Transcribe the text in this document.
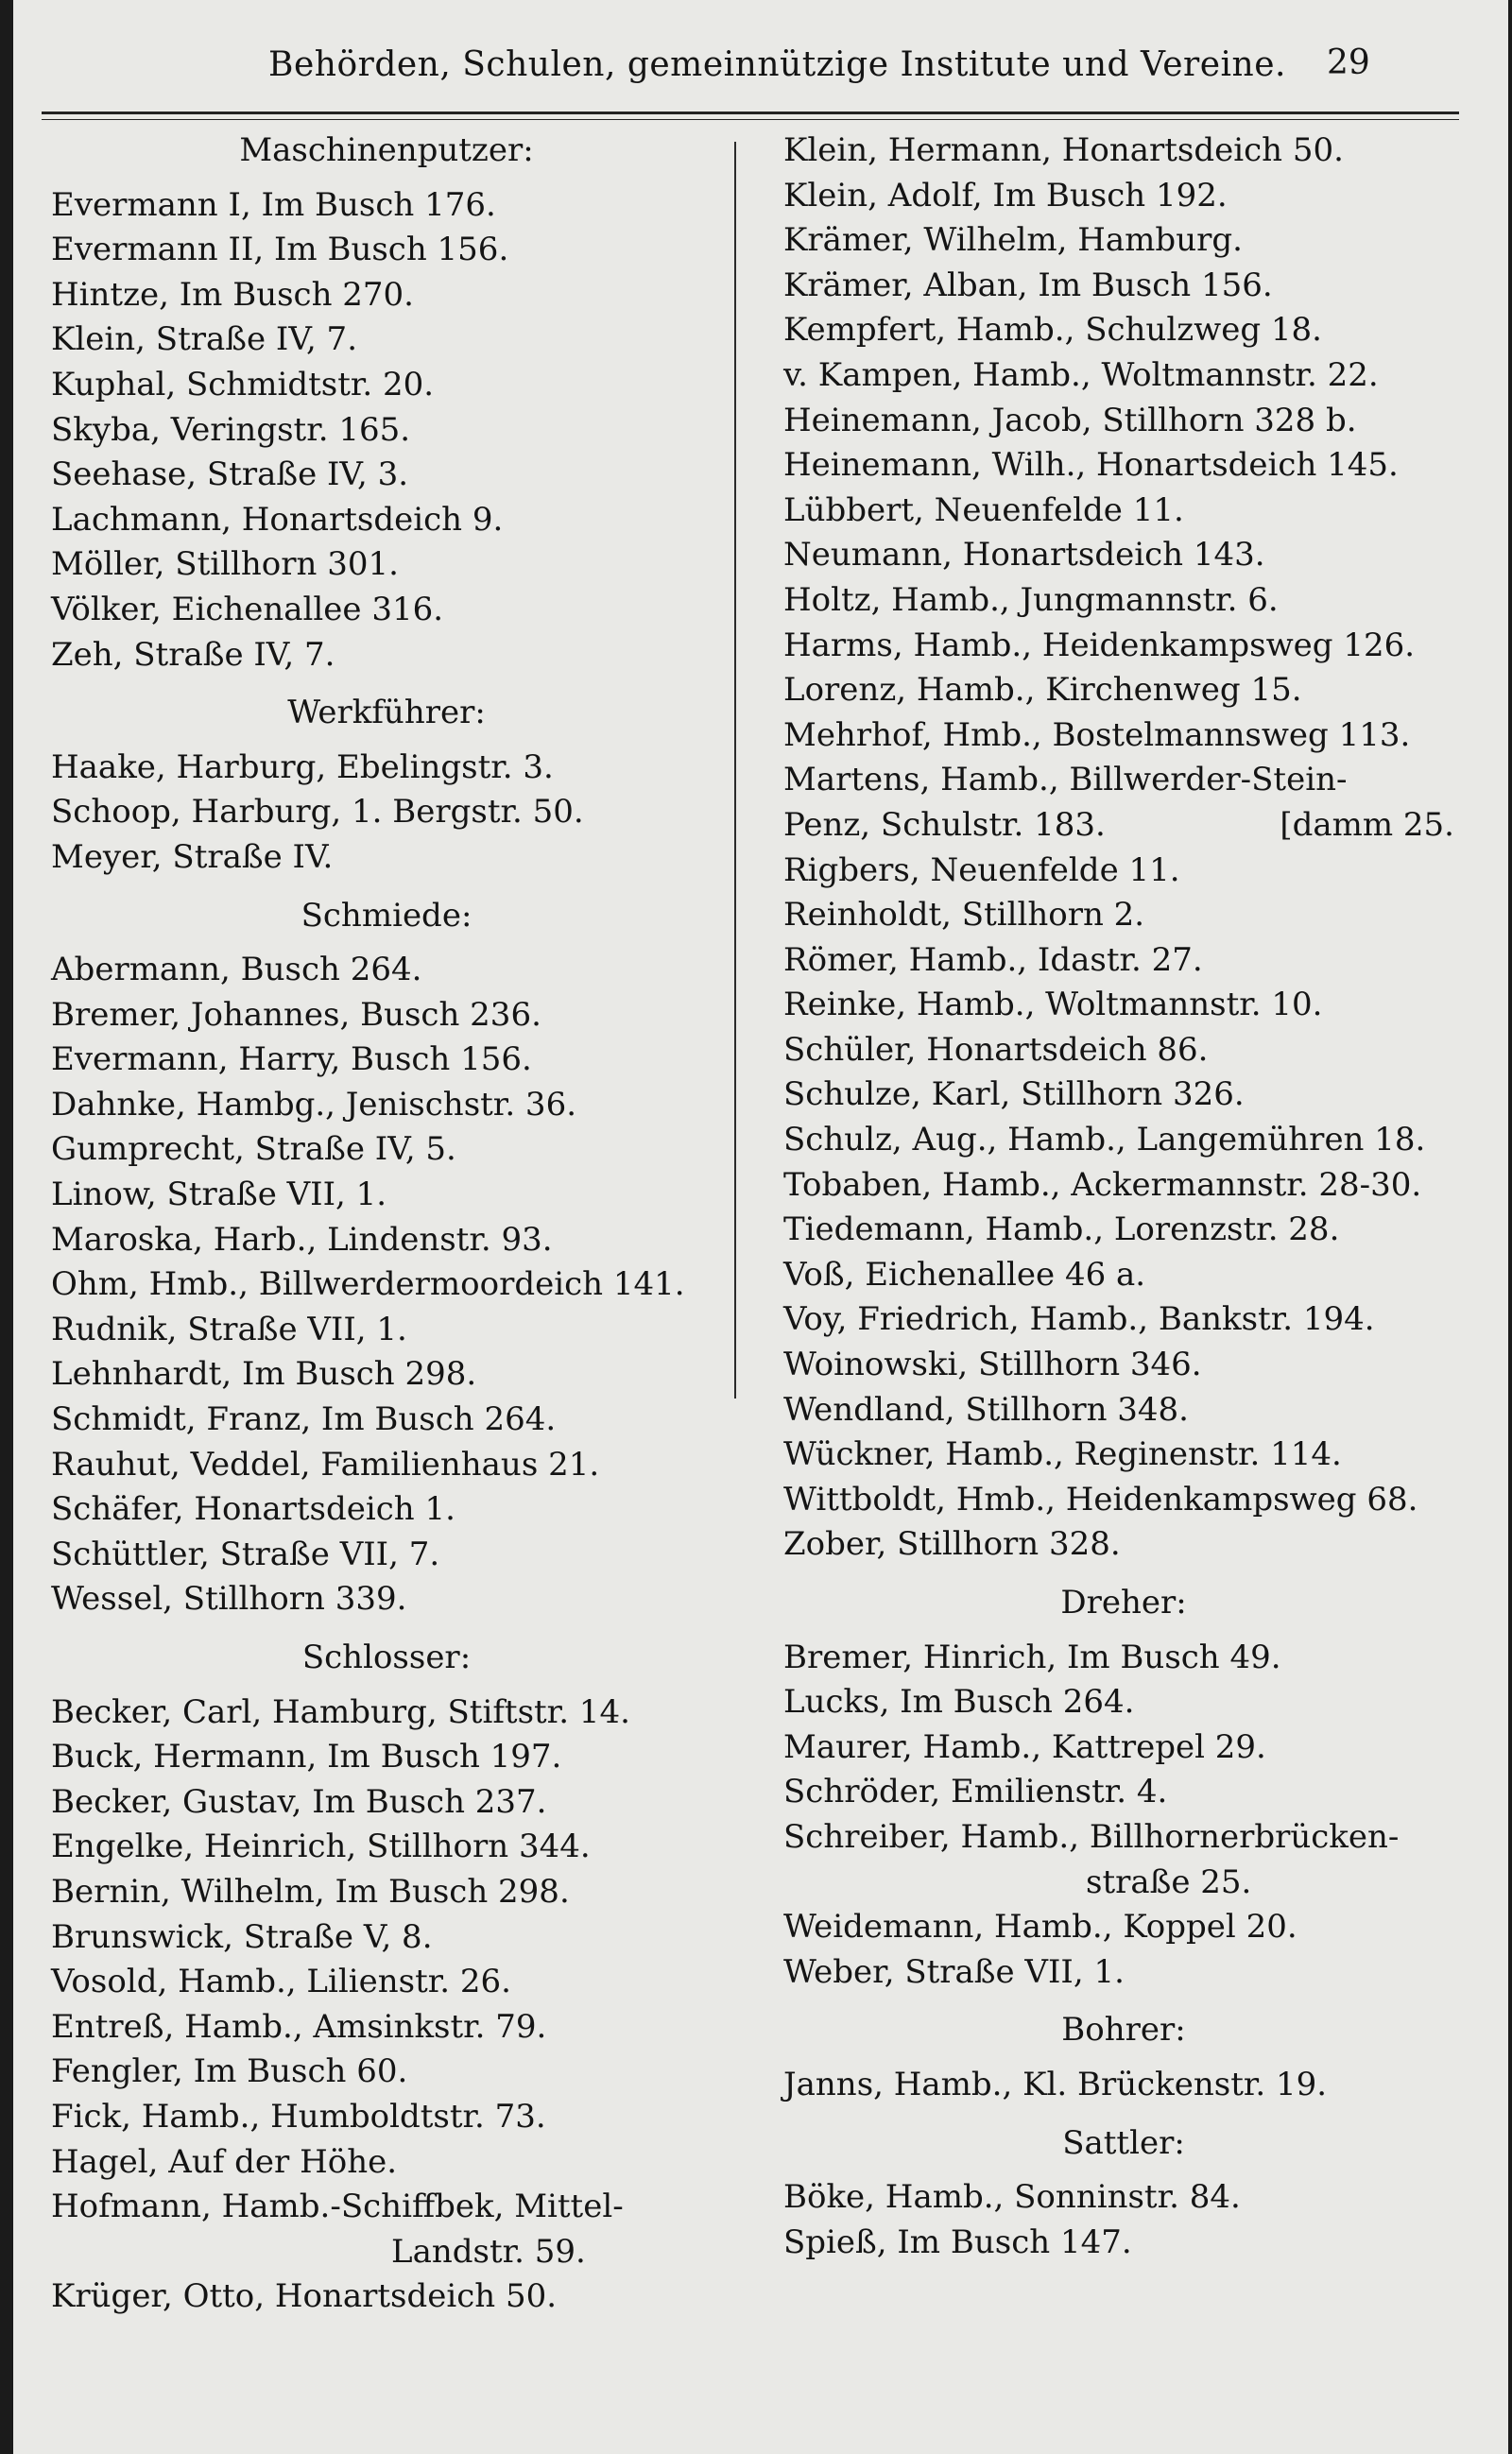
Behörden, Schulen, gemeinnützige Institute und Vereine. 29
Maschinenputzer:
Evermann I, Im Busch 176.
Evermann II, Im Busch 156.
Hintze, Im Busch 270.
Klein, Straße IV, 7.
Kuphal, Schmidtstr. 20.
Skyba, Veringstr. 165.
Seehase, Straße IV, 3.
Lachmann, Honartsdeich 9.
Möller, Stillhorn 301.
Völker, Eichenallee 316.
Zeh, Straße IV, 7.
Werkführer:
Haake, Harburg, Ebelingstr. 3.
Schoop, Harburg, 1. Bergstr. 50.
Meyer, Straße IV.
Schmiede:
Abermann, Busch 264.
Bremer, Johannes, Busch 236.
Evermann, Harry, Busch 156.
Dahnke, Hambg., Jenischstr. 36.
Gumprecht, Straße IV, 5.
Linow, Straße VII, 1.
Maroska, Harb., Lindenstr. 93.
Ohm, Hmb., Billwerdermoordeich 141.
Rudnik, Straße VII, 1.
Lehnhardt, Im Busch 298.
Schmidt, Franz, Im Busch 264.
Rauhut, Veddel, Familienhaus 21.
Schäfer, Honartsdeich 1.
Schüttler, Straße VII, 7.
Wessel, Stillhorn 339.
Schlosser:
Becker, Carl, Hamburg, Stiftstr. 14.
Buck, Hermann, Im Busch 197.
Becker, Gustav, Im Busch 237.
Engelke, Heinrich, Stillhorn 344.
Bernin, Wilhelm, Im Busch 298.
Brunswick, Straße V, 8.
Vosold, Hamb., Lilienstr. 26.
Entreß, Hamb., Amsinkstr. 79.
Fengler, Im Busch 60.
Fick, Hamb., Humboldtstr. 73.
Hagel, Auf der Höhe.
Hofmann, Hamb.-Schiffbek, Mittel-
Landstr. 59.
Krüger, Otto, Honartsdeich 50.
Klein, Hermann, Honartsdeich 50.
Klein, Adolf, Im Busch 192.
Krämer, Wilhelm, Hamburg.
Krämer, Alban, Im Busch 156.
Kempfert, Hamb., Schulzweg 18.
v. Kampen, Hamb., Woltmannstr. 22.
Heinemann, Jacob, Stillhorn 328 b.
Heinemann, Wilh., Honartsdeich 145.
Lübbert, Neuenfelde 11.
Neumann, Honartsdeich 143.
Holtz, Hamb., Jungmannstr. 6.
Harms, Hamb., Heidenkampsweg 126.
Lorenz, Hamb., Kirchenweg 15.
Mehrhof, Hmb., Bostelmannsweg 113.
Martens, Hamb., Billwerder-Stein-
Penz, Schulstr. 183.	[damm 25.
Rigbers, Neuenfelde 11.
Reinholdt, Stillhorn 2.
Römer, Hamb., Idastr. 27.
Reinke, Hamb., Woltmannstr. 10.
Schüler, Honartsdeich 86.
Schulze, Karl, Stillhorn 326.
Schulz, Aug., Hamb., Langemühren 18.
Tobaben, Hamb., Ackermannstr. 28-30.
Tiedemann, Hamb., Lorenzstr. 28.
Voß, Eichenallee 46 a.
Voy, Friedrich, Hamb., Bankstr. 194.
Woinowski, Stillhorn 346.
Wendland, Stillhorn 348.
Wückner, Hamb., Reginenstr. 114.
Wittboldt, Hmb., Heidenkampsweg 68.
Zober, Stillhorn 328.
Dreher:
Bremer, Hinrich, Im Busch 49.
Lucks, Im Busch 264.
Maurer, Hamb., Kattrepel 29.
Schröder, Emilienstr. 4.
Schreiber, Hamb., Billhornerbrücken-
straße 25.
Weidemann, Hamb., Koppel 20.
Weber, Straße VII, 1.
Bohrer:
Janns, Hamb., Kl. Brückenstr. 19.
Sattler:
Böke, Hamb., Sonninstr. 84.
Spieß, Im Busch 147.
